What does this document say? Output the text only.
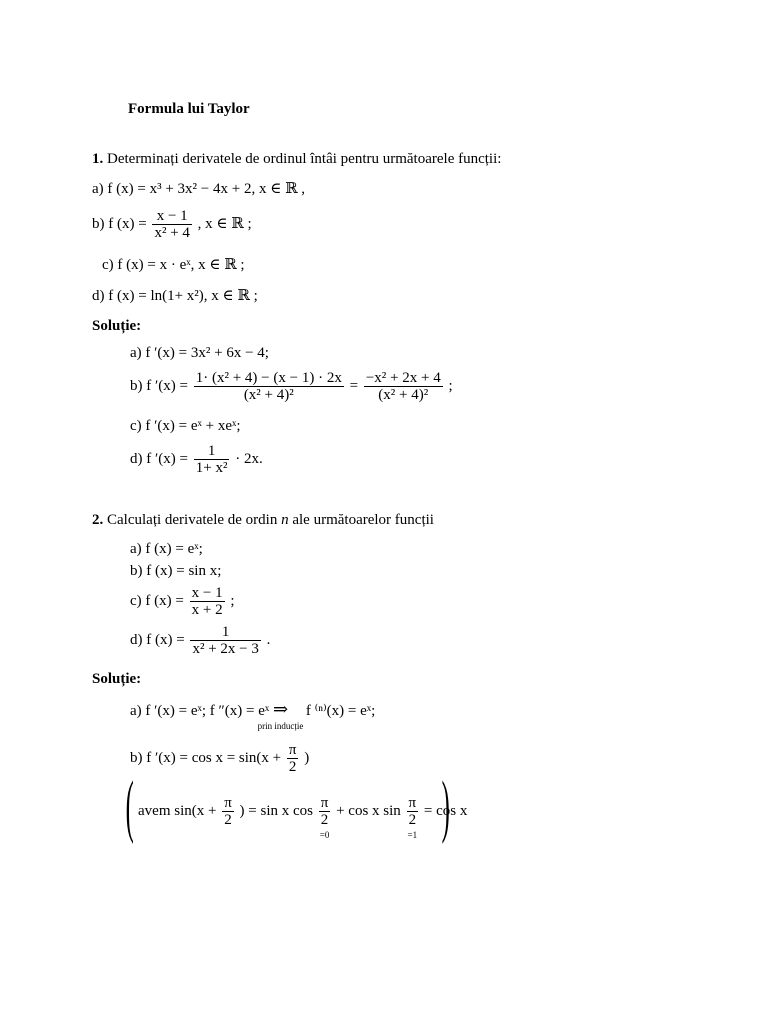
Formula lui Taylor
1. Determinați derivatele de ordinul întâi pentru următoarele funcții:
a) f (x) = x³ + 3x² − 4x + 2, x ∈ ℝ ,
b) f $(x) = \frac{x - 1}{\text{x² + 4}}$ , x ∈ ℝ ;
c) f (x) = x · eˣ, x ∈ ℝ ;
d) f (x) = ln(1+ x²), x ∈ ℝ ;
Soluție:
a) f ′(x) = 3x² + 6x − 4;
b) f $'(x) = \frac{\text{1· (x² + 4) − (x − 1) · 2x}}{\text{(x² + 4)²}} = \frac{\text{−x² + 2x + 4}}{\text{(x² + 4)²}}$ ;
c) f ′(x) = eˣ + xeˣ;
d) f $'(x) = \frac{1}{\text{1+ x²}} \cdot 2x$.
2. Calculați derivatele de ordin n ale următoarelor funcții
a) f (x) = eˣ;
b) f (x) = sin x;
c) f $(x) = \frac{x - 1}{x + 2}$ ;
d) f $(x) = \frac{1}{\text{x² + 2x − 3}}$ .
Soluție:
a) f ′(x) = eˣ; f ″(x) = eˣ ⇒
prin inducție
f ⁽ⁿ⁾(x) = eˣ;
b) f $'(x) = \cos x = \sin(x + \frac{\pi}{2}$ )
( avem $\sin(x + \frac{\pi}{2}$ ) = sin x $\cos \frac{\pi}{2}$
=0
+ cos x $\sin \frac{\pi}{2}$
=1
= cos x
)
